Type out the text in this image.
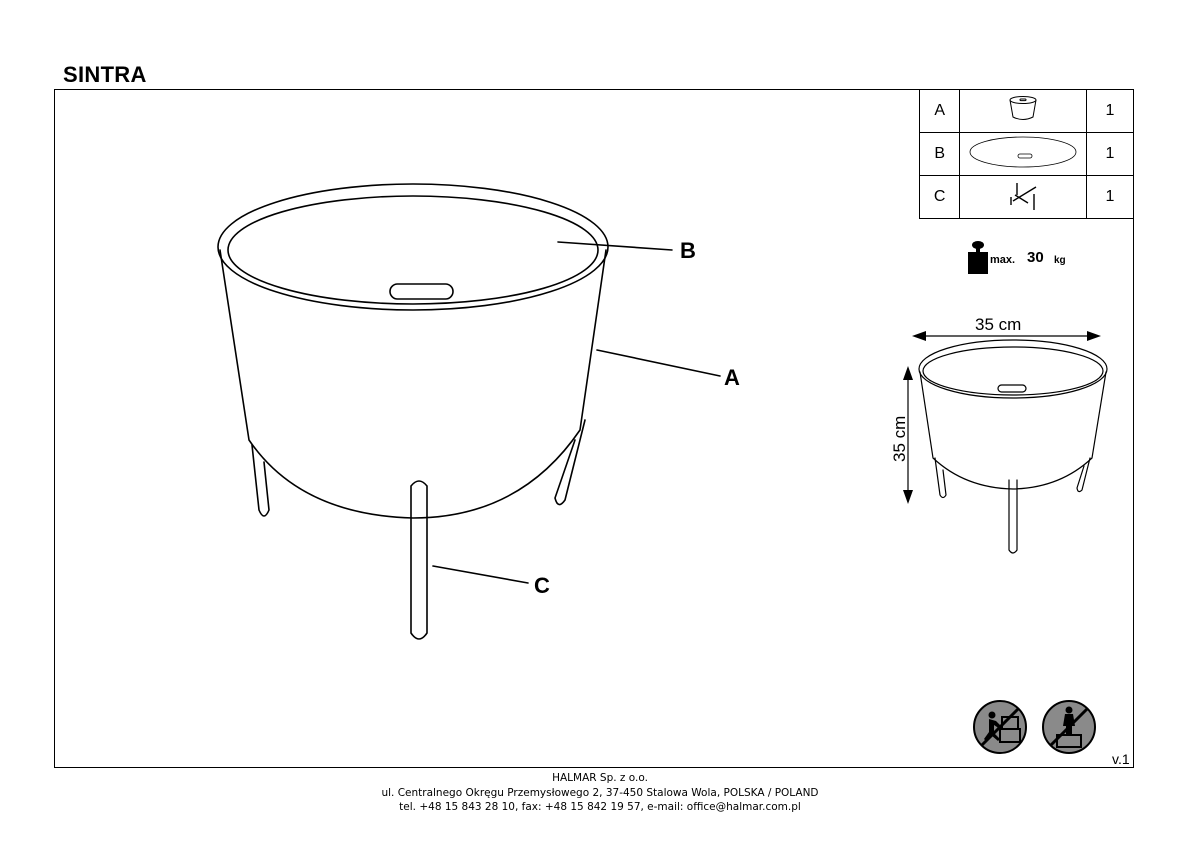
SINTRA
B
A
C
A		1
B		1
C		1
max. 30 kg
35 cm
35 cm
v.1
HALMAR Sp. z o.o.
ul. Centralnego Okręgu Przemysłowego 2, 37-450 Stalowa Wola, POLSKA / POLAND
tel. +48 15 843 28 10, fax: +48 15 842 19 57, e-mail: office@halmar.com.pl
